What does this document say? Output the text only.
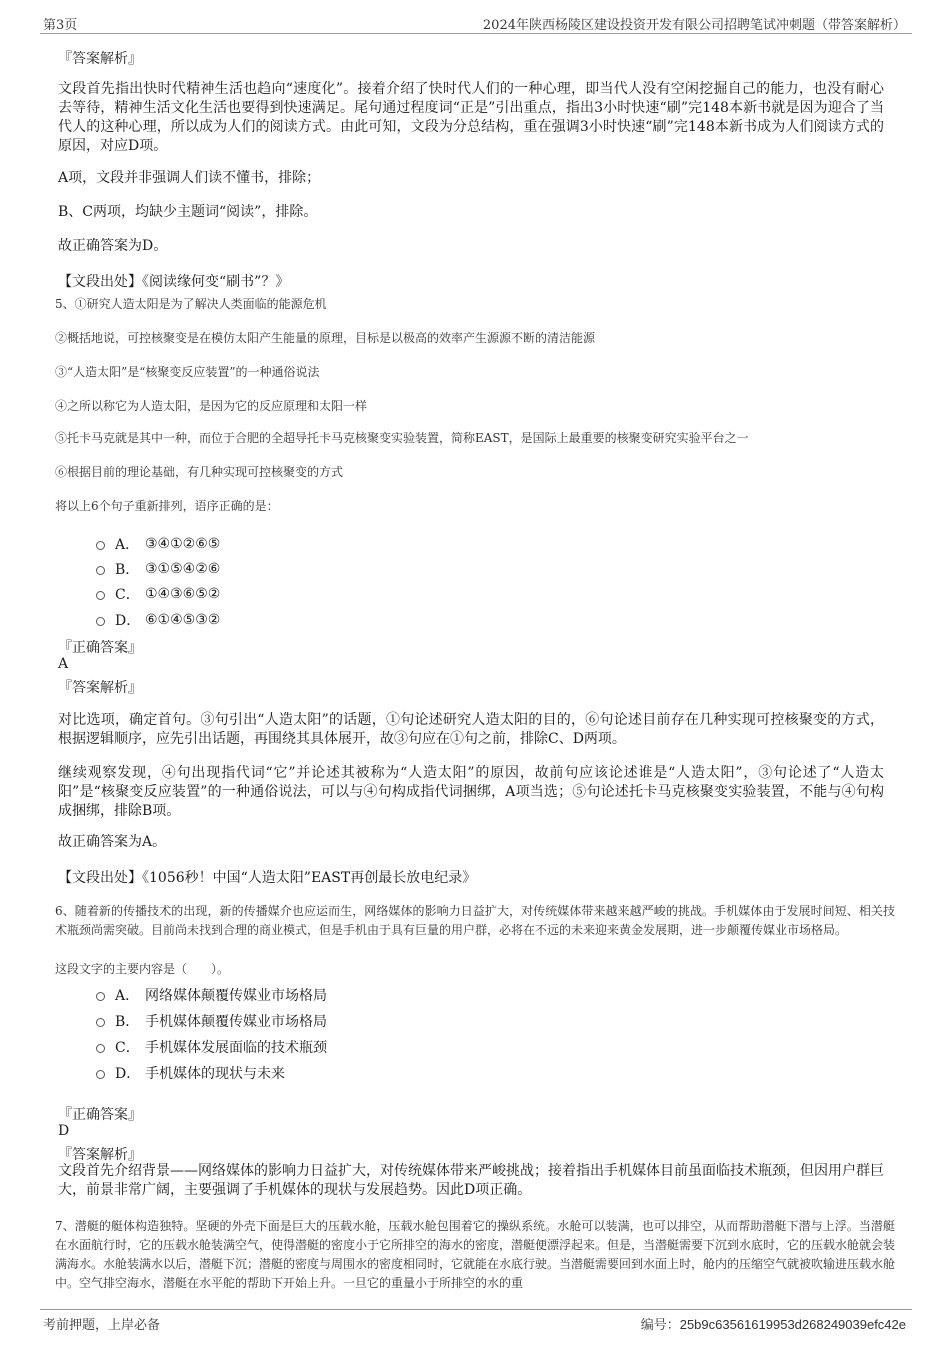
第3页	2024年陕西杨陵区建设投资开发有限公司招聘笔试冲刺题（带答案解析）
『答案解析』
文段首先指出快时代精神生活也趋向“速度化”。接着介绍了快时代人们的一种心理，即当代人没有空闲挖掘自己的能力，也没有耐心去等待，精神生活文化生活也要得到快速满足。尾句通过程度词“正是”引出重点，指出3小时快速“刷”完148本新书就是因为迎合了当代人的这种心理，所以成为人们的阅读方式。由此可知，文段为分总结构，重在强调3小时快速“刷”完148本新书成为人们阅读方式的原因，对应D项。
A项，文段并非强调人们读不懂书，排除；
B、C两项，均缺少主题词“阅读”，排除。
故正确答案为D。
【文段出处】《阅读缘何变“刷书”？》
5、①研究人造太阳是为了解决人类面临的能源危机
②概括地说，可控核聚变是在模仿太阳产生能量的原理，目标是以极高的效率产生源源不断的清洁能源
③“人造太阳”是“核聚变反应装置”的一种通俗说法
④之所以称它为人造太阳，是因为它的反应原理和太阳一样
⑤托卡马克就是其中一种，而位于合肥的全超导托卡马克核聚变实验装置，简称EAST，是国际上最重要的核聚变研究实验平台之一
⑥根据目前的理论基础，有几种实现可控核聚变的方式
将以上6个句子重新排列，语序正确的是：
A． ③④①②⑥⑤
B． ③①⑤④②⑥
C． ①④③⑥⑤②
D． ⑥①④⑤③②
『正确答案』
A
『答案解析』
对比选项，确定首句。③句引出“人造太阳”的话题，①句论述研究人造太阳的目的，⑥句论述目前存在几种实现可控核聚变的方式，根据逻辑顺序，应先引出话题，再围绕其具体展开，故③句应在①句之前，排除C、D两项。
继续观察发现，④句出现指代词“它”并论述其被称为“人造太阳”的原因，故前句应该论述谁是“人造太阳”，③句论述了“人造太阳”是“核聚变反应装置”的一种通俗说法，可以与④句构成指代词捆绑，A项当选；⑤句论述托卡马克核聚变实验装置，不能与④句构成捆绑，排除B项。
故正确答案为A。
【文段出处】《1056秒！中国“人造太阳”EAST再创最长放电纪录》
6、随着新的传播技术的出现，新的传播媒介也应运而生，网络媒体的影响力日益扩大，对传统媒体带来越来越严峻的挑战。手机媒体由于发展时间短、相关技术瓶颈尚需突破。目前尚未找到合理的商业模式，但是手机由于具有巨量的用户群，必将在不远的未来迎来黄金发展期，进一步颠覆传媒业市场格局。
这段文字的主要内容是（　　）。
A． 网络媒体颠覆传媒业市场格局
B． 手机媒体颠覆传媒业市场格局
C． 手机媒体发展面临的技术瓶颈
D． 手机媒体的现状与未来
『正确答案』
D
『答案解析』
文段首先介绍背景——网络媒体的影响力日益扩大，对传统媒体带来严峻挑战；接着指出手机媒体目前虽面临技术瓶颈，但因用户群巨大，前景非常广阔，主要强调了手机媒体的现状与发展趋势。因此D项正确。
7、潜艇的艇体构造独特。坚硬的外壳下面是巨大的压载水舱，压载水舱包围着它的操纵系统。水舱可以装满，也可以排空，从而帮助潜艇下潜与上浮。当潜艇在水面航行时，它的压载水舱装满空气，使得潜艇的密度小于它所排空的海水的密度，潜艇便漂浮起来。但是，当潜艇需要下沉到水底时，它的压载水舱就会装满海水。水舱装满水以后，潜艇下沉；潜艇的密度与周围水的密度相同时，它就能在水底行驶。当潜艇需要回到水面上时，舱内的压缩空气就被吹输进压载水舱中。空气排空海水，潜艇在水平舵的帮助下开始上升。一旦它的重量小于所排空的水的重
考前押题，上岸必备	编号：25b9c63561619953d268249039efc42e
